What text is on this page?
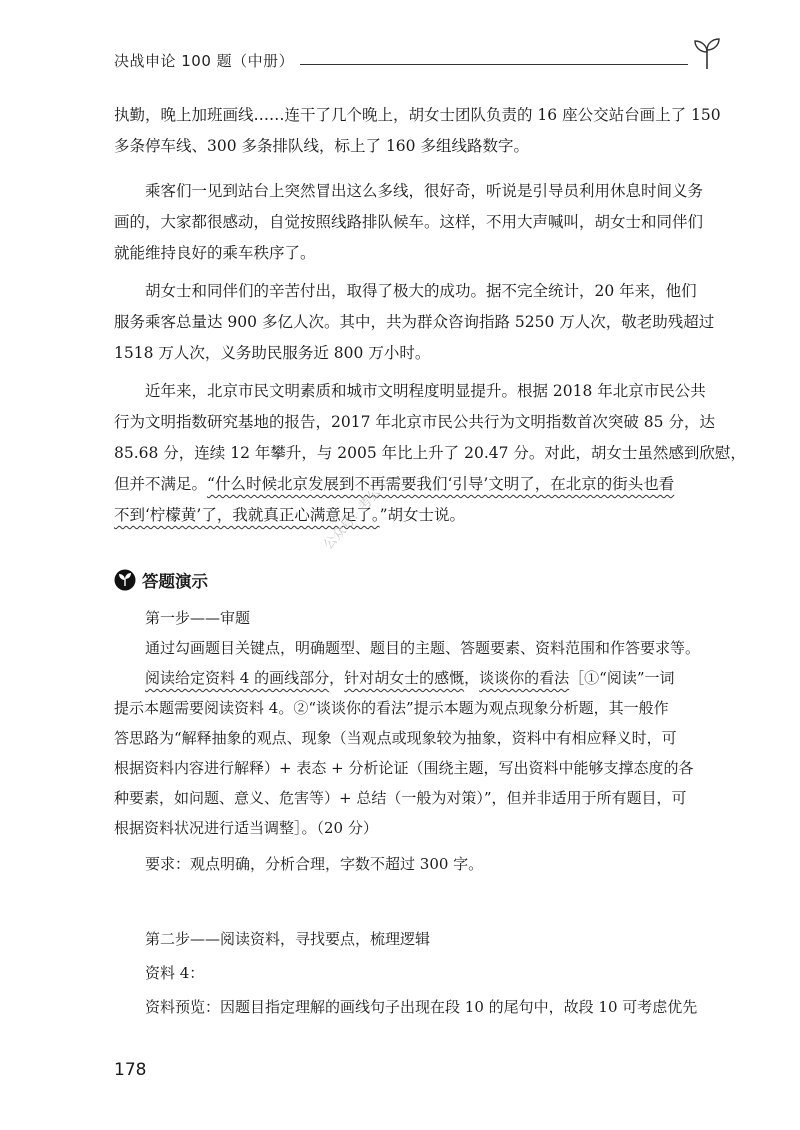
决战申论 100 题（中册）

执勤，晚上加班画线……连干了几个晚上，胡女士团队负责的 16 座公交站台画上了 150
多条停车线、300 多条排队线，标上了 160 多组线路数字。

乘客们一见到站台上突然冒出这么多线，很好奇，听说是引导员利用休息时间义务
画的，大家都很感动，自觉按照线路排队候车。这样，不用大声喊叫，胡女士和同伴们
就能维持良好的乘车秩序了。

胡女士和同伴们的辛苦付出，取得了极大的成功。据不完全统计，20 年来，他们
服务乘客总量达 900 多亿人次。其中，共为群众咨询指路 5250 万人次，敬老助残超过
1518 万人次，义务助民服务近 800 万小时。

近年来，北京市民文明素质和城市文明程度明显提升。根据 2018 年北京市民公共
行为文明指数研究基地的报告，2017 年北京市民公共行为文明指数首次突破 85 分，达
85.68 分，连续 12 年攀升，与 2005 年比上升了 20.47 分。对此，胡女士虽然感到欣慰，
但并不满足。“什么时候北京发展到不再需要我们‘引导’文明了，在北京的街头也看
不到‘柠檬黄’了，我就真正心满意足了。”胡女士说。

公众号：考公小
答题演示
第一步——审题
通过勾画题目关键点，明确题型、题目的主题、答题要素、资料范围和作答要求等。
阅读给定资料 4 的画线部分，针对胡女士的感慨，谈谈你的看法［①“阅读”一词
提示本题需要阅读资料 4。②“谈谈你的看法”提示本题为观点现象分析题，其一般作
答思路为“解释抽象的观点、现象（当观点或现象较为抽象，资料中有相应释义时，可
根据资料内容进行解释）+ 表态 + 分析论证（围绕主题，写出资料中能够支撑态度的各
种要素，如问题、意义、危害等）+ 总结（一般为对策）”，但并非适用于所有题目，可
根据资料状况进行适当调整］。（20 分）
要求：观点明确，分析合理，字数不超过 300 字。
第二步——阅读资料，寻找要点，梳理逻辑
资料 4：
资料预览：因题目指定理解的画线句子出现在段 10 的尾句中，故段 10 可考虑优先
178
